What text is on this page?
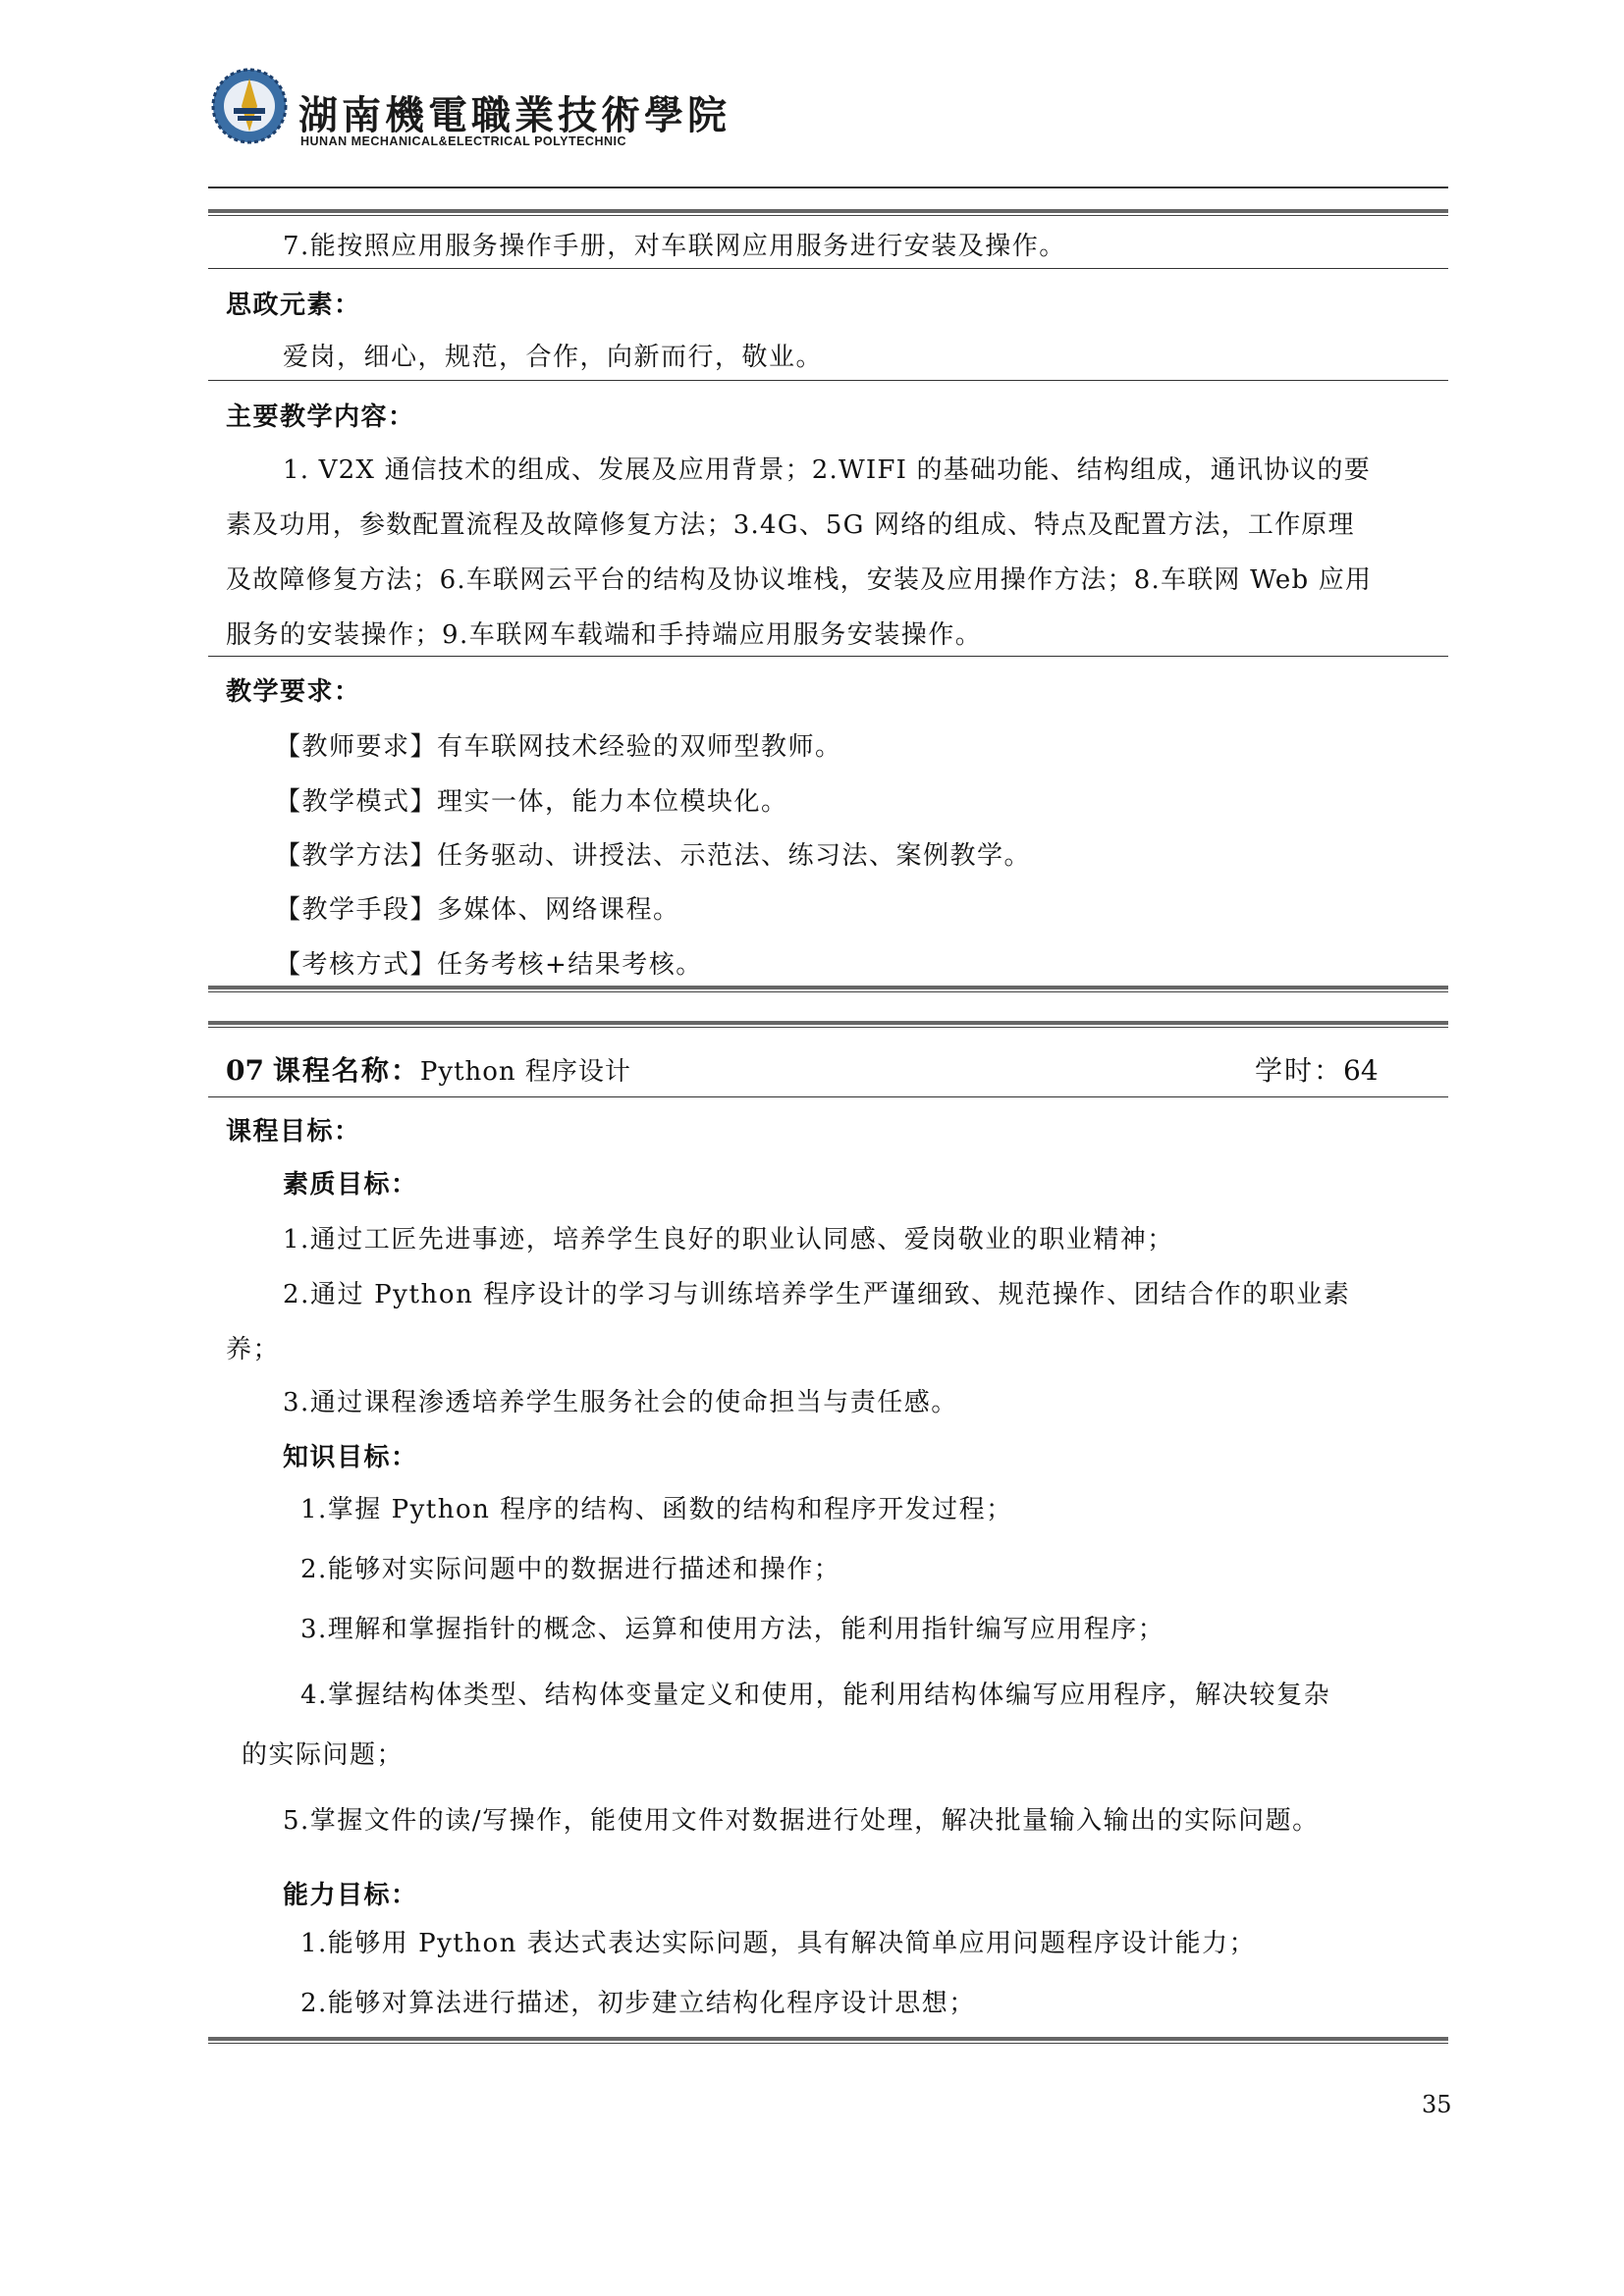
湖南機電職業技術學院
HUNAN MECHANICAL&ELECTRICAL POLYTECHNIC
7.能按照应用服务操作手册，对车联网应用服务进行安装及操作。
思政元素：
爱岗，细心，规范，合作，向新而行，敬业。
主要教学内容：
1. V2X 通信技术的组成、发展及应用背景；2.WIFI 的基础功能、结构组成，通讯协议的要
素及功用，参数配置流程及故障修复方法；3.4G、5G 网络的组成、特点及配置方法，工作原理
及故障修复方法；6.车联网云平台的结构及协议堆栈，安装及应用操作方法；8.车联网 Web 应用
服务的安装操作；9.车联网车载端和手持端应用服务安装操作。
教学要求：
【教师要求】有车联网技术经验的双师型教师。
【教学模式】理实一体，能力本位模块化。
【教学方法】任务驱动、讲授法、示范法、练习法、案例教学。
【教学手段】多媒体、网络课程。
【考核方式】任务考核+结果考核。
07 课程名称：Python 程序设计	学时：64
课程目标：
素质目标：
1.通过工匠先进事迹，培养学生良好的职业认同感、爱岗敬业的职业精神；
2.通过 Python 程序设计的学习与训练培养学生严谨细致、规范操作、团结合作的职业素
养；
3.通过课程渗透培养学生服务社会的使命担当与责任感。
知识目标：
1.掌握 Python 程序的结构、函数的结构和程序开发过程；
2.能够对实际问题中的数据进行描述和操作；
3.理解和掌握指针的概念、运算和使用方法，能利用指针编写应用程序；
4.掌握结构体类型、结构体变量定义和使用，能利用结构体编写应用程序，解决较复杂
的实际问题；
5.掌握文件的读/写操作，能使用文件对数据进行处理，解决批量输入输出的实际问题。
能力目标：
1.能够用 Python 表达式表达实际问题，具有解决简单应用问题程序设计能力；
2.能够对算法进行描述，初步建立结构化程序设计思想；
35
